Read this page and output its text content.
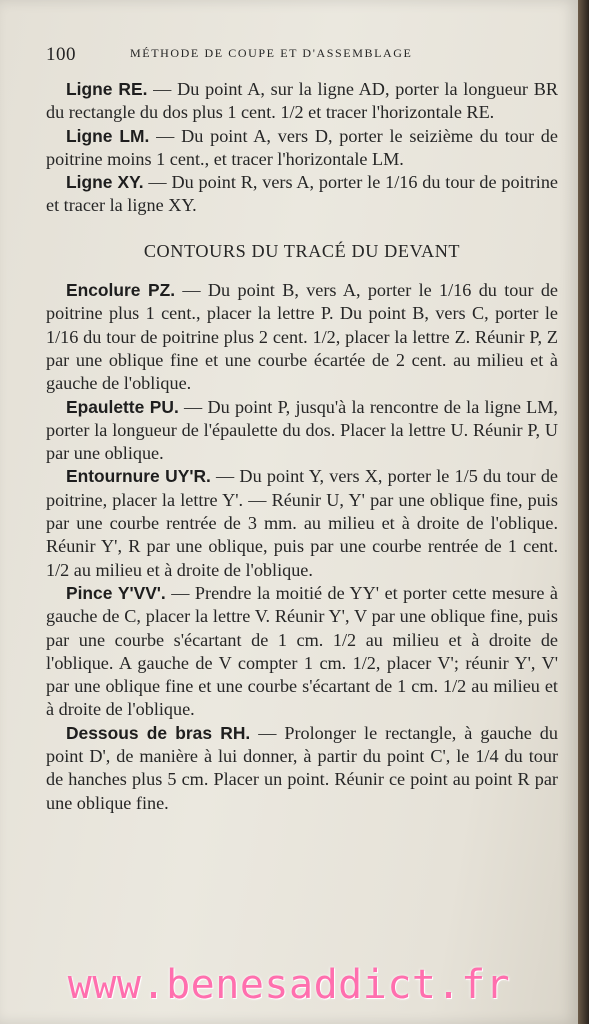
100	MÉTHODE DE COUPE ET D'ASSEMBLAGE

Ligne RE. — Du point A, sur la ligne AD, porter la longueur BR du rectangle du dos plus 1 cent. 1/2 et tracer l'horizontale RE.

Ligne LM. — Du point A, vers D, porter le seizième du tour de poitrine moins 1 cent., et tracer l'horizontale LM.

Ligne XY. — Du point R, vers A, porter le 1/16 du tour de poitrine et tracer la ligne XY.

CONTOURS DU TRACÉ DU DEVANT

Encolure PZ. — Du point B, vers A, porter le 1/16 du tour de poitrine plus 1 cent., placer la lettre P. Du point B, vers C, porter le 1/16 du tour de poitrine plus 2 cent. 1/2, placer la lettre Z. Réunir P, Z par une oblique fine et une courbe écartée de 2 cent. au milieu et à gauche de l'oblique.

Epaulette PU. — Du point P, jusqu'à la rencontre de la ligne LM, porter la longueur de l'épaulette du dos. Placer la lettre U. Réunir P, U par une oblique.

Entournure UY'R. — Du point Y, vers X, porter le 1/5 du tour de poitrine, placer la lettre Y'. — Réunir U, Y' par une oblique fine, puis par une courbe rentrée de 3 mm. au milieu et à droite de l'oblique. Réunir Y', R par une oblique, puis par une courbe rentrée de 1 cent. 1/2 au milieu et à droite de l'oblique.

Pince Y'VV'. — Prendre la moitié de YY' et porter cette mesure à gauche de C, placer la lettre V. Réunir Y', V par une oblique fine, puis par une courbe s'écartant de 1 cm. 1/2 au milieu et à droite de l'oblique. A gauche de V compter 1 cm. 1/2, placer V'; réunir Y', V' par une oblique fine et une courbe s'écartant de 1 cm. 1/2 au milieu et à droite de l'oblique.

Dessous de bras RH. — Prolonger le rectangle, à gauche du point D', de manière à lui donner, à partir du point C', le 1/4 du tour de hanches plus 5 cm. Placer un point. Réunir ce point au point R par une oblique fine.

www.benesaddict.fr
